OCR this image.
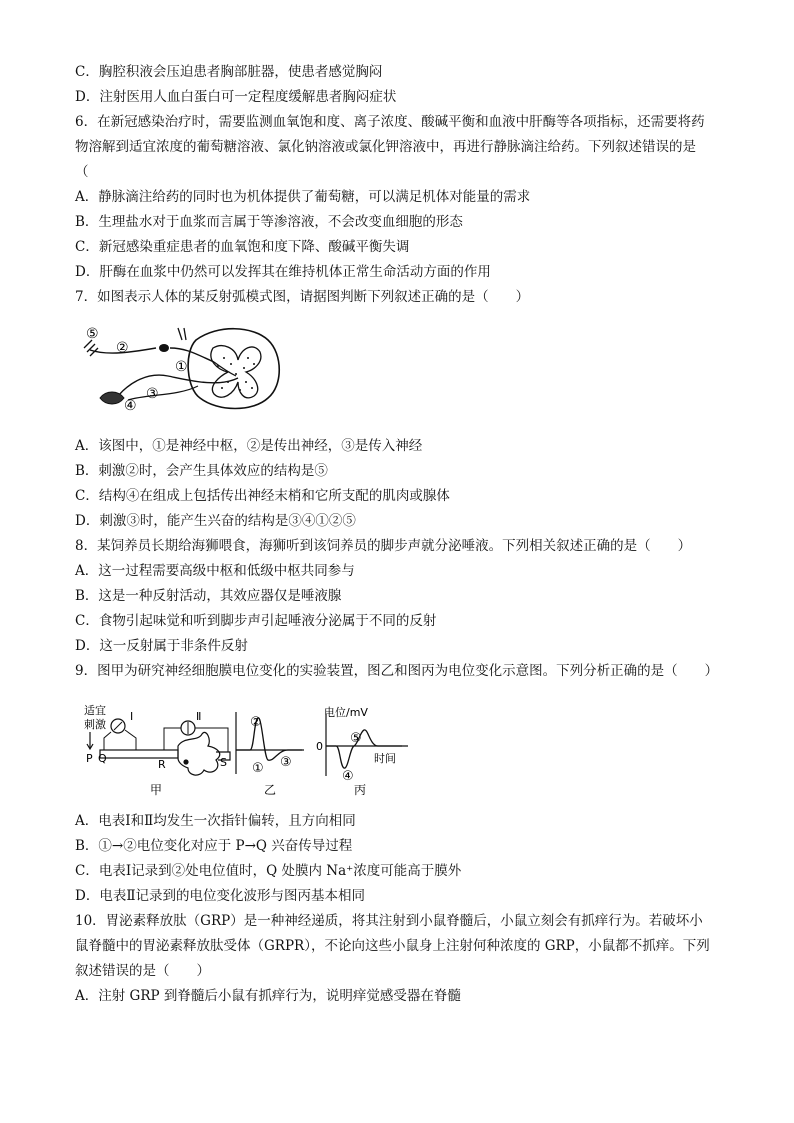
C．胸腔积液会压迫患者胸部脏器，使患者感觉胸闷
D．注射医用人血白蛋白可一定程度缓解患者胸闷症状
6．在新冠感染治疗时，需要监测血氧饱和度、离子浓度、酸碱平衡和血液中肝酶等各项指标，还需要将药
物溶解到适宜浓度的葡萄糖溶液、氯化钠溶液或氯化钾溶液中，再进行静脉滴注给药。下列叙述错误的是
（
A．静脉滴注给药的同时也为机体提供了葡萄糖，可以满足机体对能量的需求
B．生理盐水对于血浆而言属于等渗溶液，不会改变血细胞的形态
C．新冠感染重症患者的血氧饱和度下降、酸碱平衡失调
D．肝酶在血浆中仍然可以发挥其在维持机体正常生命活动方面的作用
7．如图表示人体的某反射弧模式图，请据图判断下列叙述正确的是（　　）
⑤
②
①
④
③
A．该图中，①是神经中枢，②是传出神经，③是传入神经
B．刺激②时，会产生具体效应的结构是⑤
C．结构④在组成上包括传出神经末梢和它所支配的肌肉或腺体
D．刺激③时，能产生兴奋的结构是③④①②⑤
8．某饲养员长期给海狮喂食，海狮听到该饲养员的脚步声就分泌唾液。下列相关叙述正确的是（　　）
A．这一过程需要高级中枢和低级中枢共同参与
B．这是一种反射活动，其效应器仅是唾液腺
C．食物引起味觉和听到脚步声引起唾液分泌属于不同的反射
D．这一反射属于非条件反射
9．图甲为研究神经细胞膜电位变化的实验装置，图乙和图丙为电位变化示意图。下列分析正确的是（　　）
适宜
刺激
I	Ⅱ
P Q	R	S
甲
②
① ③
乙
电位/mV
0
⑤
④
时间
丙
A．电表Ⅰ和Ⅱ均发生一次指针偏转，且方向相同
B．①→②电位变化对应于 P→Q 兴奋传导过程
C．电表Ⅰ记录到②处电位值时，Q 处膜内 Na⁺浓度可能高于膜外
D．电表Ⅱ记录到的电位变化波形与图丙基本相同
10．胃泌素释放肽（GRP）是一种神经递质，将其注射到小鼠脊髓后，小鼠立刻会有抓痒行为。若破坏小
鼠脊髓中的胃泌素释放肽受体（GRPR），不论向这些小鼠身上注射何种浓度的 GRP，小鼠都不抓痒。下列
叙述错误的是（　　）
A．注射 GRP 到脊髓后小鼠有抓痒行为，说明痒觉感受器在脊髓
